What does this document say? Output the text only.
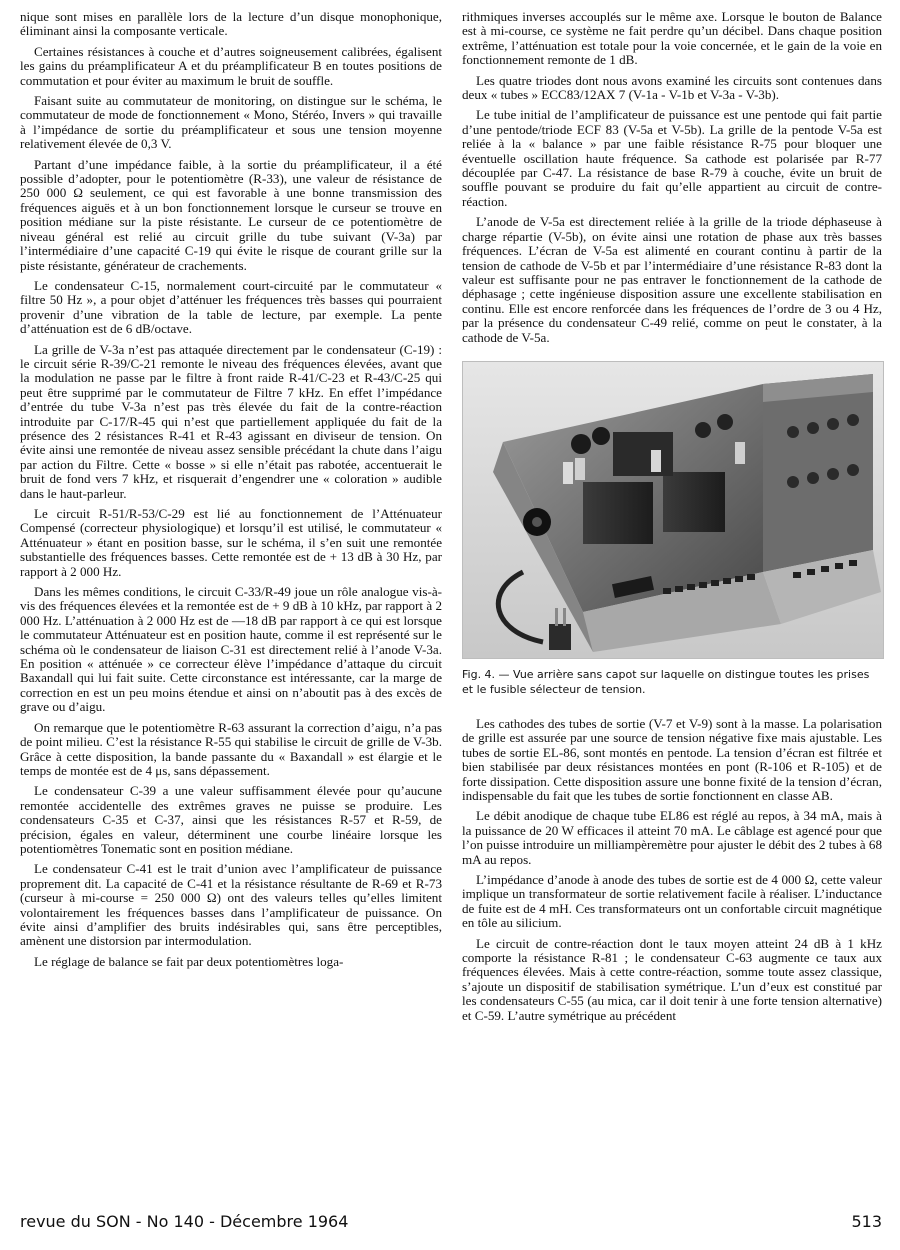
nique sont mises en parallèle lors de la lecture d’un disque monophonique, éliminant ainsi la composante verticale.

Certaines résistances à couche et d’autres soigneusement calibrées, égalisent les gains du préamplificateur A et du préamplificateur B en toutes positions de commutation et pour éviter au maximum le bruit de souffle.

Faisant suite au commutateur de monitoring, on distingue sur le schéma, le commutateur de mode de fonctionnement « Mono, Stéréo, Invers » qui travaille à l’impédance de sortie du préamplificateur et sous une tension moyenne relativement élevée de 0,3 V.

Partant d’une impédance faible, à la sortie du préamplificateur, il a été possible d’adopter, pour le potentiomètre (R-33), une valeur de résistance de 250 000 Ω seulement, ce qui est favorable à une bonne transmission des fréquences aiguës et à un bon fonctionnement lorsque le curseur se trouve en position médiane sur la piste résistante. Le curseur de ce potentiomètre de niveau général est relié au circuit grille du tube suivant (V-3a) par l’intermédiaire d’une capacité C-19 qui évite le risque de courant grille sur la piste résistante, générateur de crachements.

Le condensateur C-15, normalement court-circuité par le commutateur « filtre 50 Hz », a pour objet d’atténuer les fréquences très basses qui pourraient provenir d’une vibration de la table de lecture, par exemple. La pente d’atténuation est de 6 dB/octave.

La grille de V-3a n’est pas attaquée directement par le condensateur (C-19) : le circuit série R-39/C-21 remonte le niveau des fréquences élevées, avant que la modulation ne passe par le filtre à front raide R-41/C-23 et R-43/C-25 qui peut être supprimé par le commutateur de Filtre 7 kHz. En effet l’impédance d’entrée du tube V-3a n’est pas très élevée du fait de la contre-réaction introduite par C-17/R-45 qui n’est que partiellement appliquée du fait de la présence des 2 résistances R-41 et R-43 agissant en diviseur de tension. On évite ainsi une remontée de niveau assez sensible précédant la chute dans l’aigu par action du Filtre. Cette « bosse » si elle n’était pas rabotée, accentuerait le bruit de fond vers 7 kHz, et risquerait d’engendrer une « coloration » audible dans le haut-parleur.

Le circuit R-51/R-53/C-29 est lié au fonctionnement de l’Atténuateur Compensé (correcteur physiologique) et lorsqu’il est utilisé, le commutateur « Atténuateur » étant en position basse, sur le schéma, il s’en suit une remontée substantielle des fréquences basses. Cette remontée est de + 13 dB à 30 Hz, par rapport à 2 000 Hz.

Dans les mêmes conditions, le circuit C-33/R-49 joue un rôle analogue vis-à-vis des fréquences élevées et la remontée est de + 9 dB à 10 kHz, par rapport à 2 000 Hz. L’atténuation à 2 000 Hz est de —18 dB par rapport à ce qui est lorsque le commutateur Atténuateur est en position haute, comme il est représenté sur le schéma où le condensateur de liaison C-31 est directement relié à l’anode V-3a. En position « atténuée » ce correcteur élève l’impédance d’attaque du circuit Baxandall qui lui fait suite. Cette circonstance est intéressante, car la marge de correction en est un peu moins étendue et ainsi on n’aboutit pas à des excès de grave ou d’aigu.

On remarque que le potentiomètre R-63 assurant la correction d’aigu, n’a pas de point milieu. C’est la résistance R-55 qui stabilise le circuit de grille de V-3b. Grâce à cette disposition, la bande passante du « Baxandall » est élargie et le temps de montée est de 4 μs, sans dépassement.

Le condensateur C-39 a une valeur suffisamment élevée pour qu’aucune remontée accidentelle des extrêmes graves ne puisse se produire. Les condensateurs C-35 et C-37, ainsi que les résistances R-57 et R-59, de précision, égales en valeur, déterminent une courbe linéaire lorsque les potentiomètres Tonematic sont en position médiane.

Le condensateur C-41 est le trait d’union avec l’amplificateur de puissance proprement dit. La capacité de C-41 et la résistance résultante de R-69 et R-73 (curseur à mi-course = 250 000 Ω) ont des valeurs telles qu’elles limitent volontairement les fréquences basses dans l’amplificateur de puissance. On évite ainsi d’amplifier des bruits indésirables qui, sans être perceptibles, amènent une distorsion par intermodulation.

Le réglage de balance se fait par deux potentiomètres loga-

rithmiques inverses accouplés sur le même axe. Lorsque le bouton de Balance est à mi-course, ce système ne fait perdre qu’un décibel. Dans chaque position extrême, l’atténuation est totale pour la voie concernée, et le gain de la voie en fonctionnement remonte de 1 dB.

Les quatre triodes dont nous avons examiné les circuits sont contenues dans deux « tubes » ECC83/12AX 7 (V-1a - V-1b et V-3a - V-3b).

Le tube initial de l’amplificateur de puissance est une pentode qui fait partie d’une pentode/triode ECF 83 (V-5a et V-5b). La grille de la pentode V-5a est reliée à la « balance » par une faible résistance R-75 pour bloquer une éventuelle oscillation haute fréquence. Sa cathode est polarisée par R-77 découplée par C-47. La résistance de base R-79 à couche, évite un bruit de souffle pouvant se produire du fait qu’elle appartient au circuit de contre-réaction.

L’anode de V-5a est directement reliée à la grille de la triode déphaseuse à charge répartie (V-5b), on évite ainsi une rotation de phase aux très basses fréquences. L’écran de V-5a est alimenté en courant continu à partir de la tension de cathode de V-5b et par l’intermédiaire d’une résistance R-83 dont la valeur est suffisante pour ne pas entraver le fonctionnement de la cathode de déphasage ; cette ingénieuse disposition assure une excellente stabilisation en continu. Elle est encore renforcée dans les fréquences de l’ordre de 3 ou 4 Hz, par la présence du condensateur C-49 relié, comme on peut le constater, à la cathode de V-5a.

Fig. 4. — Vue arrière sans capot sur laquelle on distingue toutes les prises et le fusible sélecteur de tension.

Les cathodes des tubes de sortie (V-7 et V-9) sont à la masse. La polarisation de grille est assurée par une source de tension négative fixe mais ajustable. Les tubes de sortie EL-86, sont montés en pentode. La tension d’écran est filtrée et bien stabilisée par deux résistances montées en pont (R-106 et R-105) et de forte dissipation. Cette disposition assure une bonne fixité de la tension d’écran, indispensable du fait que les tubes de sortie fonctionnent en classe AB.

Le débit anodique de chaque tube EL86 est réglé au repos, à 34 mA, mais à la puissance de 20 W efficaces il atteint 70 mA. Le câblage est agencé pour que l’on puisse introduire un milliampèremètre pour ajuster le débit des 2 tubes à 68 mA au repos.

L’impédance d’anode à anode des tubes de sortie est de 4 000 Ω, cette valeur implique un transformateur de sortie relativement facile à réaliser. L’inductance de fuite est de 4 mH. Ces transformateurs ont un confortable circuit magnétique en tôle au silicium.

Le circuit de contre-réaction dont le taux moyen atteint 24 dB à 1 kHz comporte la résistance R-81 ; le condensateur C-63 augmente ce taux aux fréquences élevées. Mais à cette contre-réaction, somme toute assez classique, s’ajoute un dispositif de stabilisation symétrique. L’un d’eux est constitué par les condensateurs C-55 (au mica, car il doit tenir à une forte tension alternative) et C-59. L’autre symétrique au précédent

revue du SON - No 140 - Décembre 1964	513
